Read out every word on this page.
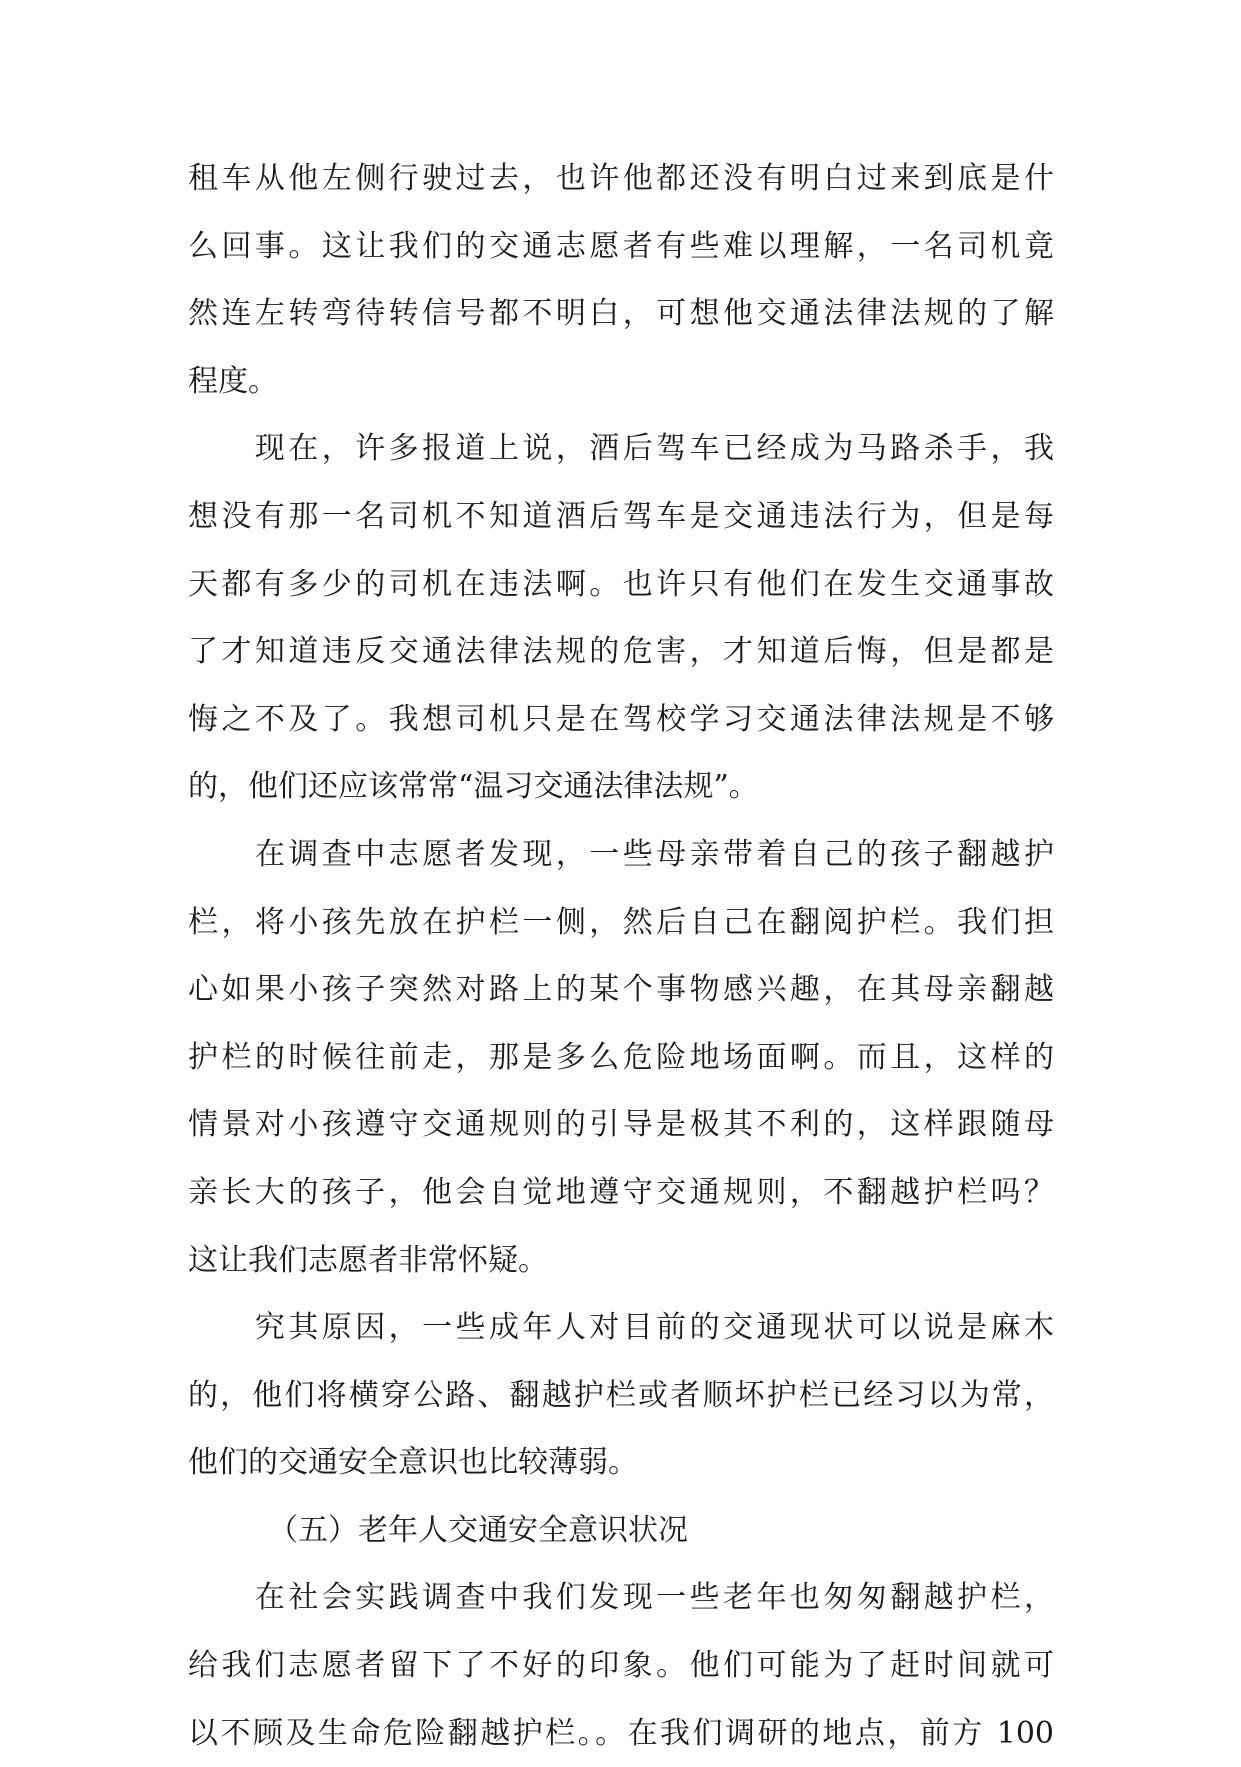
租车从他左侧行驶过去，也许他都还没有明白过来到底是什
么回事。这让我们的交通志愿者有些难以理解，一名司机竟
然连左转弯待转信号都不明白，可想他交通法律法规的了解
程度。
　　现在，许多报道上说，酒后驾车已经成为马路杀手，我
想没有那一名司机不知道酒后驾车是交通违法行为，但是每
天都有多少的司机在违法啊。也许只有他们在发生交通事故
了才知道违反交通法律法规的危害，才知道后悔，但是都是
悔之不及了。我想司机只是在驾校学习交通法律法规是不够
的，他们还应该常常“温习交通法律法规”。
　　在调查中志愿者发现，一些母亲带着自己的孩子翻越护
栏，将小孩先放在护栏一侧，然后自己在翻阅护栏。我们担
心如果小孩子突然对路上的某个事物感兴趣，在其母亲翻越
护栏的时候往前走，那是多么危险地场面啊。而且，这样的
情景对小孩遵守交通规则的引导是极其不利的，这样跟随母
亲长大的孩子，他会自觉地遵守交通规则，不翻越护栏吗？
这让我们志愿者非常怀疑。
　　究其原因，一些成年人对目前的交通现状可以说是麻木
的，他们将横穿公路、翻越护栏或者顺坏护栏已经习以为常，
他们的交通安全意识也比较薄弱。
（五）老年人交通安全意识状况
　　在社会实践调查中我们发现一些老年也匆匆翻越护栏，
给我们志愿者留下了不好的印象。他们可能为了赶时间就可
以不顾及生命危险翻越护栏。。在我们调研的地点，前方 100
